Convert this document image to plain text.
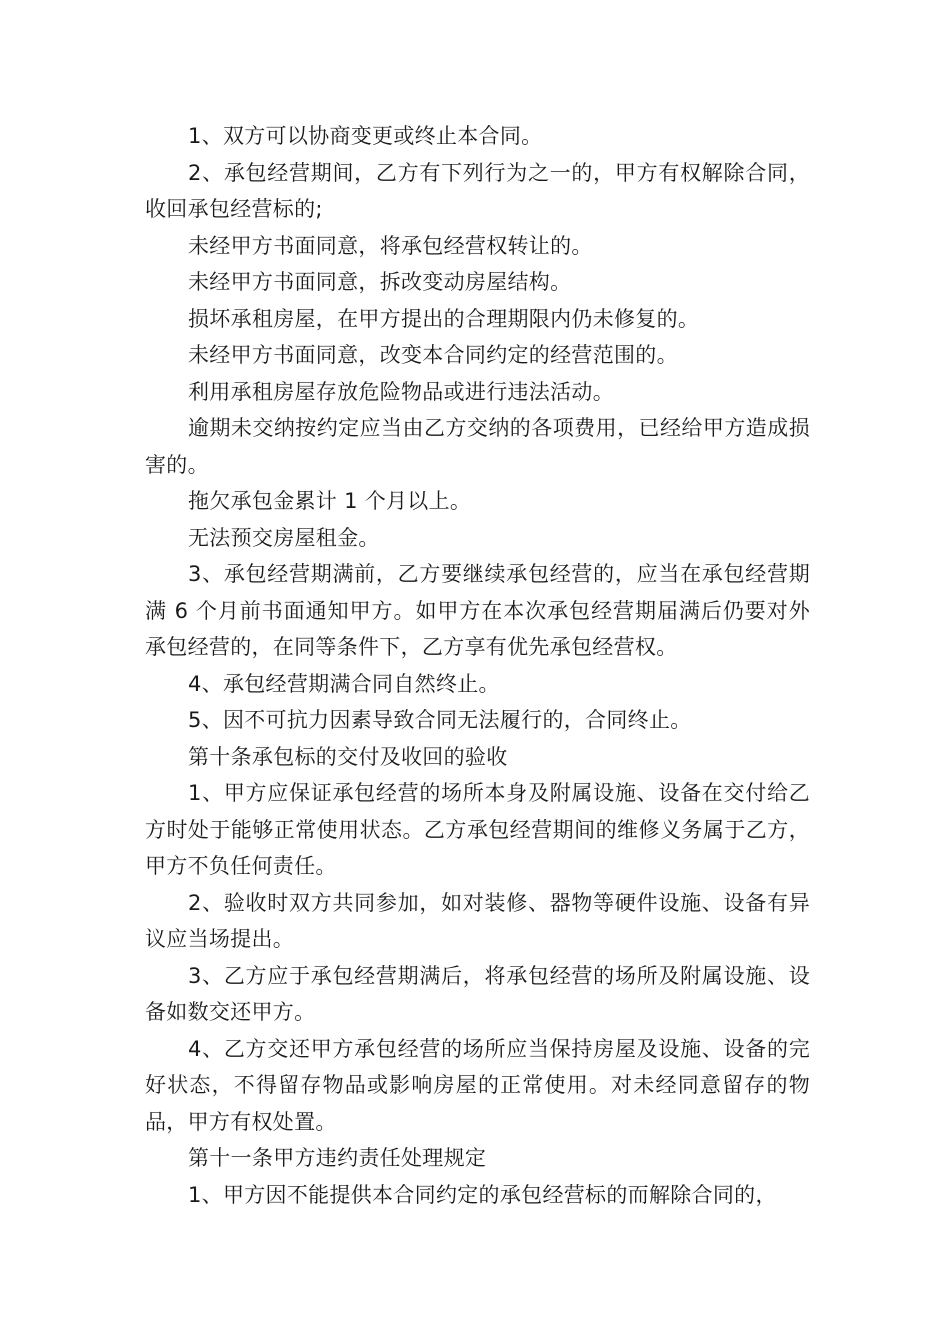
1、双方可以协商变更或终止本合同。

2、承包经营期间，乙方有下列行为之一的，甲方有权解除合同，收回承包经营标的;

未经甲方书面同意，将承包经营权转让的。

未经甲方书面同意，拆改变动房屋结构。

损坏承租房屋，在甲方提出的合理期限内仍未修复的。

未经甲方书面同意，改变本合同约定的经营范围的。

利用承租房屋存放危险物品或进行违法活动。

逾期未交纳按约定应当由乙方交纳的各项费用，已经给甲方造成损害的。

拖欠承包金累计 1 个月以上。

无法预交房屋租金。

3、承包经营期满前，乙方要继续承包经营的，应当在承包经营期满 6 个月前书面通知甲方。如甲方在本次承包经营期届满后仍要对外承包经营的，在同等条件下，乙方享有优先承包经营权。

4、承包经营期满合同自然终止。

5、因不可抗力因素导致合同无法履行的，合同终止。

第十条承包标的交付及收回的验收

1、甲方应保证承包经营的场所本身及附属设施、设备在交付给乙方时处于能够正常使用状态。乙方承包经营期间的维修义务属于乙方，甲方不负任何责任。

2、验收时双方共同参加，如对装修、器物等硬件设施、设备有异议应当场提出。

3、乙方应于承包经营期满后，将承包经营的场所及附属设施、设备如数交还甲方。

4、乙方交还甲方承包经营的场所应当保持房屋及设施、设备的完好状态，不得留存物品或影响房屋的正常使用。对未经同意留存的物品，甲方有权处置。

第十一条甲方违约责任处理规定

1、甲方因不能提供本合同约定的承包经营标的而解除合同的，
